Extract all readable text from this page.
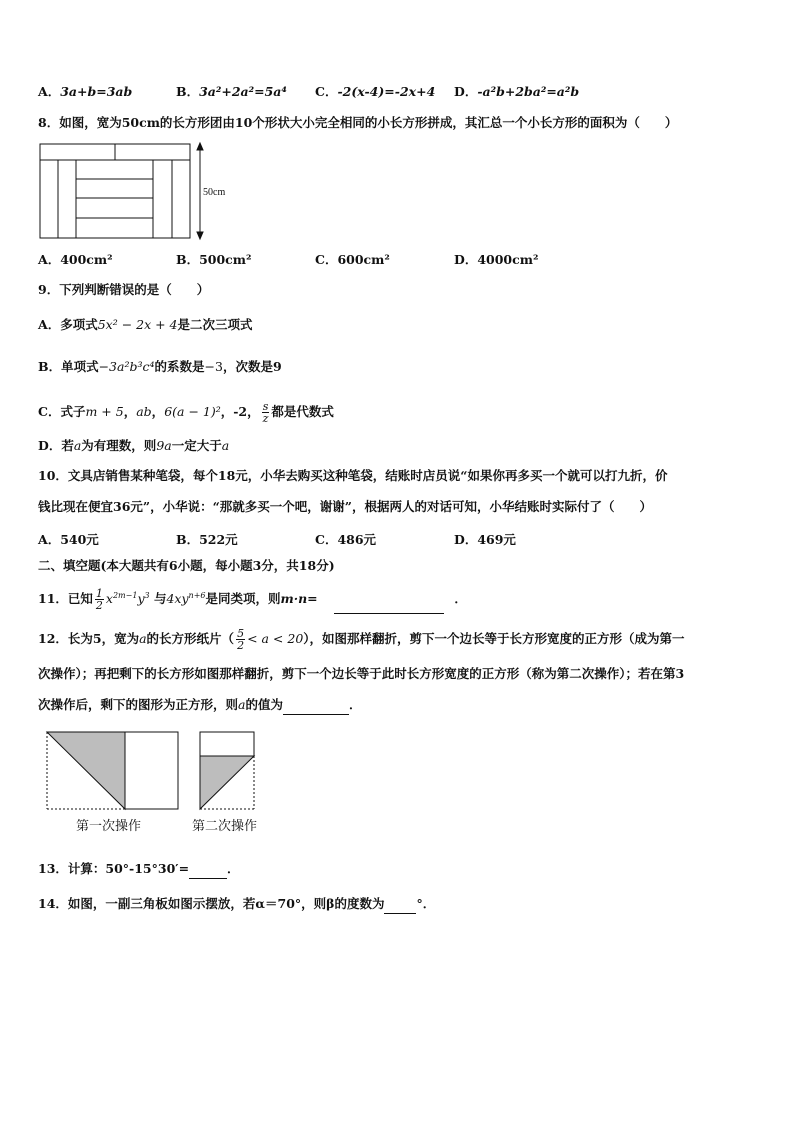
A．3a+b=3ab	B．3a²+2a²=5a⁴ C．-2(x-4)=-2x+4 D．-a²b+2ba²=a²b
8．如图，宽为50cm的长方形团由10个形状大小完全相同的小长方形拼成，其汇总一个小长方形的面积为（　　）
50cm
A．400cm²	B．500cm²	C．600cm²	D．4000cm²
9．下列判断错误的是（　　）
A．多项式5x² − 2x + 4是二次三项式
B．单项式−3a²b³c⁴的系数是−3，次数是9
C．式子m + 5，ab，6(a − 1)²，-2， $\frac{s}{z}$ 都是代数式
D．若a为有理数，则9a一定大于a
10．文具店销售某种笔袋，每个18元，小华去购买这种笔袋，结账时店员说“如果你再多买一个就可以打九折，价
钱比现在便宜36元”，小华说：“那就多买一个吧，谢谢”，根据两人的对话可知，小华结账时实际付了（　　）
A．540元	B．522元	C．486元	D．469元
二、填空题(本大题共有6小题，每小题3分，共18分)
11．已知 $\frac{1}{2} x^{2m-1}y^3$ 与$4xy^{n+6}$是同类项，则m·n=	．
12．长为5，宽为a的长方形纸片（ $\frac{5}{2} < a < 20$），如图那样翻折，剪下一个边长等于长方形宽度的正方形（成为第一
次操作）；再把剩下的长方形如图那样翻折，剪下一个边长等于此时长方形宽度的正方形（称为第二次操作）；若在第3
次操作后，剩下的图形为正方形，则a的值为	．
第一次操作	第二次操作
13．计算：50°-15°30′=	．
14．如图，一副三角板如图示摆放，若α＝70°，则β的度数为	°．
